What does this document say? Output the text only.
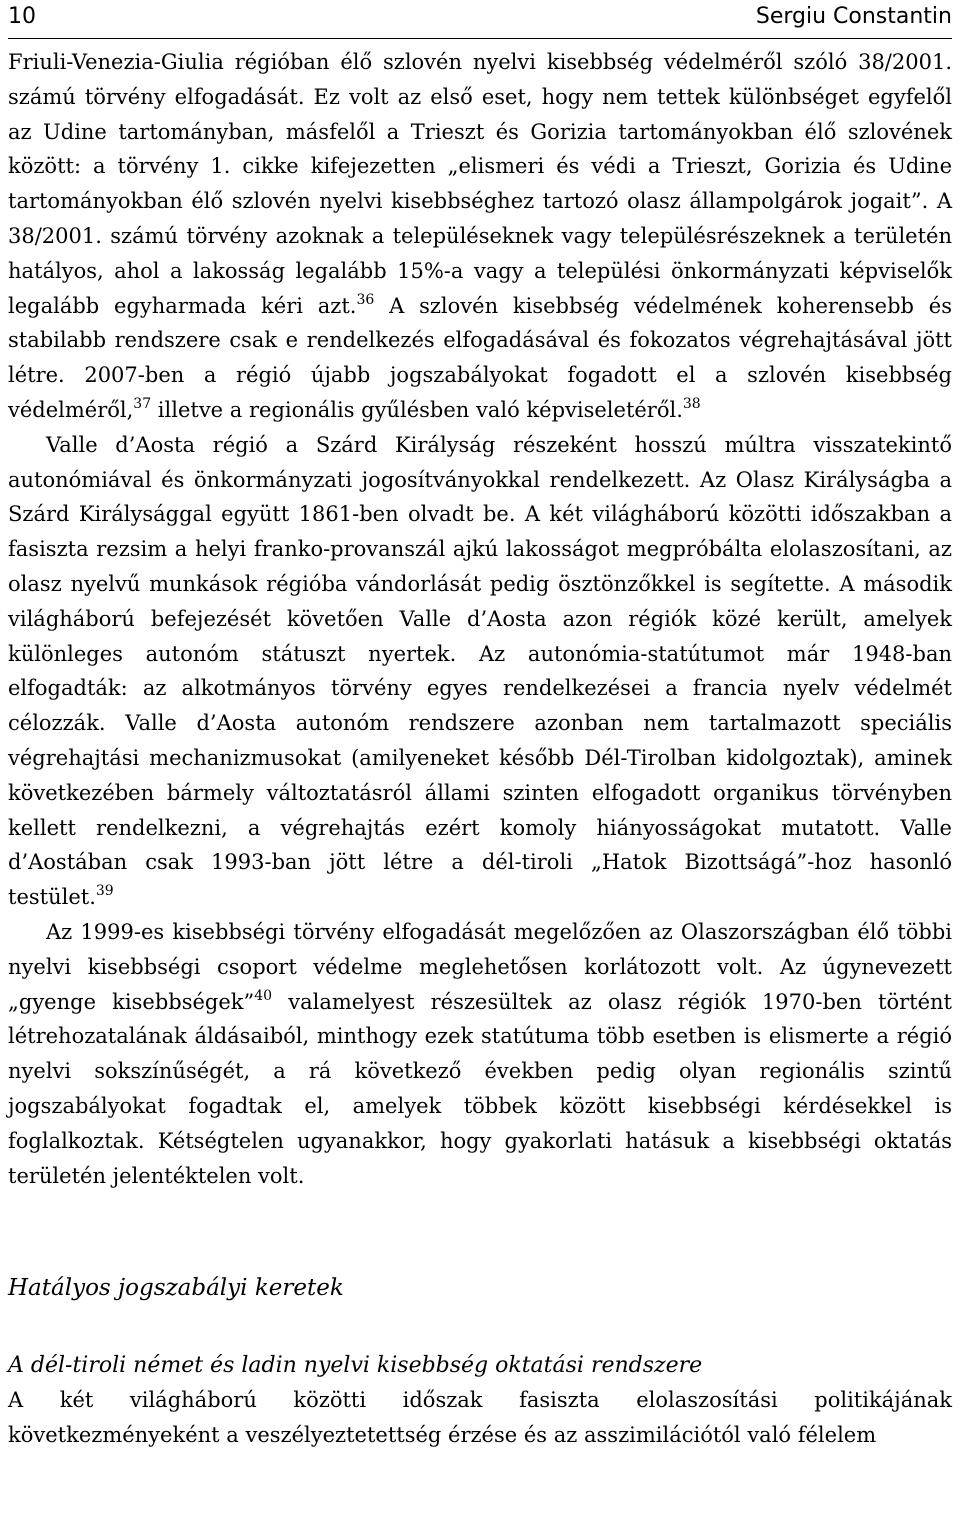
10	Sergiu Constantin

Friuli-Venezia-Giulia régióban élő szlovén nyelvi kisebbség védelméről szóló 38/2001. számú törvény elfogadását. Ez volt az első eset, hogy nem tettek különbséget egyfelől az Udine tartományban, másfelől a Trieszt és Gorizia tartományokban élő szlovének között: a törvény 1. cikke kifejezetten „elismeri és védi a Trieszt, Gorizia és Udine tartományokban élő szlovén nyelvi kisebbséghez tartozó olasz állampolgárok jogait”. A 38/2001. számú törvény azoknak a településeknek vagy településrészeknek a területén hatályos, ahol a lakosság legalább 15%-a vagy a települési önkormányzati képviselők legalább egyharmada kéri azt.$^{36}$ A szlovén kisebbség védelmének koherensebb és stabilabb rendszere csak e rendelkezés elfogadásával és fokozatos végrehajtásával jött létre. 2007-ben a régió újabb jogszabályokat fogadott el a szlovén kisebbség védelméről,$^{37}$ illetve a regionális gyűlésben való képviseletéről.$^{38}$

Valle d’Aosta régió a Szárd Királyság részeként hosszú múltra visszatekintő autonómiával és önkormányzati jogosítványokkal rendelkezett. Az Olasz Királyságba a Szárd Királysággal együtt 1861-ben olvadt be. A két világháború közötti időszakban a fasiszta rezsim a helyi franko-provanszál ajkú lakosságot megpróbálta elolaszosítani, az olasz nyelvű munkások régióba vándorlását pedig ösztönzőkkel is segítette. A második világháború befejezését követően Valle d’Aosta azon régiók közé került, amelyek különleges autonóm státuszt nyertek. Az autonómia-statútumot már 1948-ban elfogadták: az alkotmányos törvény egyes rendelkezései a francia nyelv védelmét célozzák. Valle d’Aosta autonóm rendszere azonban nem tartalmazott speciális végrehajtási mechanizmusokat (amilyeneket később Dél-Tirolban kidolgoztak), aminek következében bármely változtatásról állami szinten elfogadott organikus törvényben kellett rendelkezni, a végrehajtás ezért komoly hiányosságokat mutatott. Valle d’Aostában csak 1993-ban jött létre a dél-tiroli „Hatok Bizottságá”-hoz hasonló testület.$^{39}$

Az 1999-es kisebbségi törvény elfogadását megelőzően az Olaszországban élő többi nyelvi kisebbségi csoport védelme meglehetősen korlátozott volt. Az úgynevezett „gyenge kisebbségek”$^{40}$ valamelyest részesültek az olasz régiók 1970-ben történt létrehozatalának áldásaiból, minthogy ezek statútuma több esetben is elismerte a régió nyelvi sokszínűségét, a rá következő években pedig olyan regionális szintű jogszabályokat fogadtak el, amelyek többek között kisebbségi kérdésekkel is foglalkoztak. Kétségtelen ugyanakkor, hogy gyakorlati hatásuk a kisebbségi oktatás területén jelentéktelen volt.

Hatályos jogszabályi keretek
A dél-tiroli német és ladin nyelvi kisebbség oktatási rendszere

A két világháború közötti időszak fasiszta elolaszosítási politikájának következményeként a veszélyeztetettség érzése és az asszimilációtól való félelem
